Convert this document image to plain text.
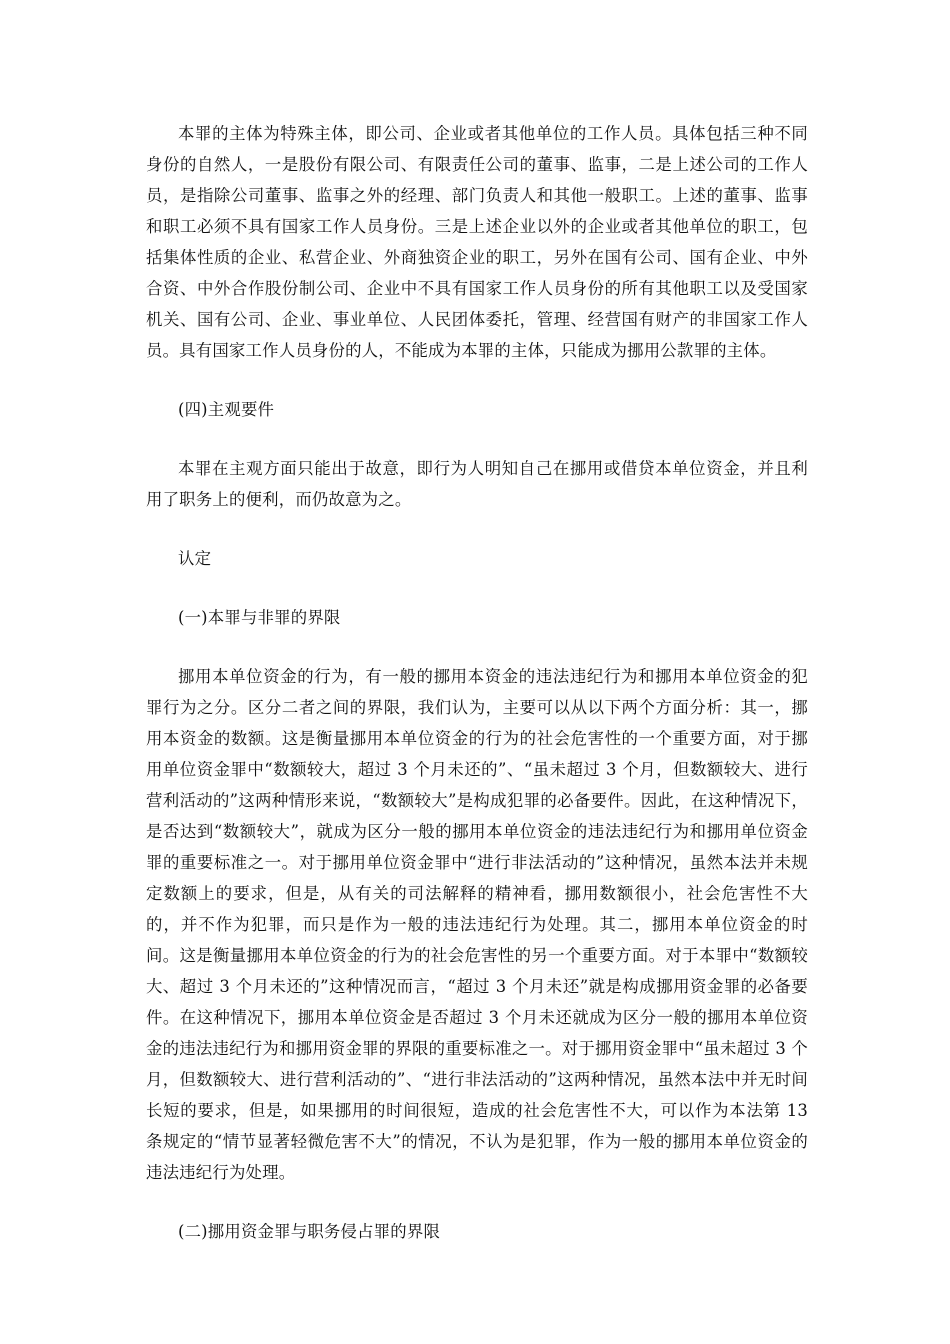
本罪的主体为特殊主体，即公司、企业或者其他单位的工作人员。具体包括三种不同身份的自然人，一是股份有限公司、有限责任公司的董事、监事，二是上述公司的工作人员，是指除公司董事、监事之外的经理、部门负责人和其他一般职工。上述的董事、监事和职工必须不具有国家工作人员身份。三是上述企业以外的企业或者其他单位的职工，包括集体性质的企业、私营企业、外商独资企业的职工，另外在国有公司、国有企业、中外合资、中外合作股份制公司、企业中不具有国家工作人员身份的所有其他职工以及受国家机关、国有公司、企业、事业单位、人民团体委托，管理、经营国有财产的非国家工作人员。具有国家工作人员身份的人，不能成为本罪的主体，只能成为挪用公款罪的主体。

(四)主观要件

本罪在主观方面只能出于故意，即行为人明知自己在挪用或借贷本单位资金，并且利用了职务上的便利，而仍故意为之。

认定

(一)本罪与非罪的界限

挪用本单位资金的行为，有一般的挪用本资金的违法违纪行为和挪用本单位资金的犯罪行为之分。区分二者之间的界限，我们认为，主要可以从以下两个方面分析：其一，挪用本资金的数额。这是衡量挪用本单位资金的行为的社会危害性的一个重要方面，对于挪用单位资金罪中“数额较大，超过 3 个月未还的”、“虽未超过 3 个月，但数额较大、进行营利活动的”这两种情形来说，“数额较大”是构成犯罪的必备要件。因此，在这种情况下，是否达到“数额较大”，就成为区分一般的挪用本单位资金的违法违纪行为和挪用单位资金罪的重要标准之一。对于挪用单位资金罪中“进行非法活动的”这种情况，虽然本法并未规定数额上的要求，但是，从有关的司法解释的精神看，挪用数额很小，社会危害性不大的，并不作为犯罪，而只是作为一般的违法违纪行为处理。其二，挪用本单位资金的时间。这是衡量挪用本单位资金的行为的社会危害性的另一个重要方面。对于本罪中“数额较大、超过 3 个月未还的”这种情况而言，“超过 3 个月未还”就是构成挪用资金罪的必备要件。在这种情况下，挪用本单位资金是否超过 3 个月未还就成为区分一般的挪用本单位资金的违法违纪行为和挪用资金罪的界限的重要标准之一。对于挪用资金罪中“虽未超过 3 个月，但数额较大、进行营利活动的”、“进行非法活动的”这两种情况，虽然本法中并无时间长短的要求，但是，如果挪用的时间很短，造成的社会危害性不大，可以作为本法第 13 条规定的“情节显著轻微危害不大”的情况，不认为是犯罪，作为一般的挪用本单位资金的违法违纪行为处理。

(二)挪用资金罪与职务侵占罪的界限
